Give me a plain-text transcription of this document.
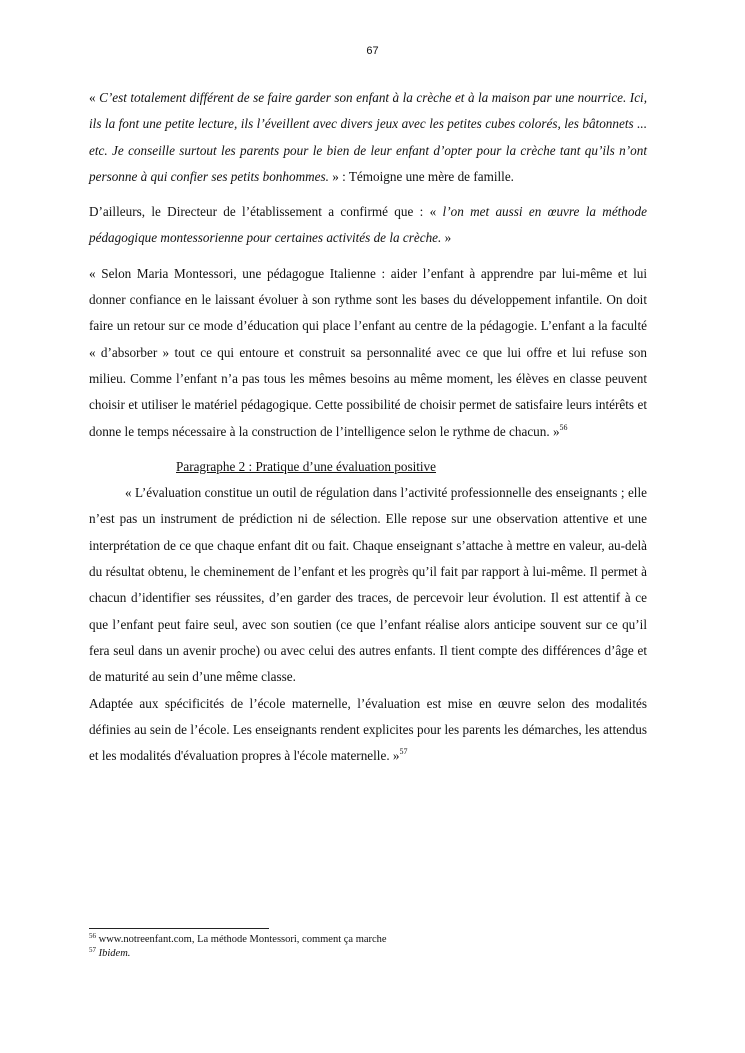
67

« C’est totalement différent de se faire garder son enfant à la crèche et à la maison par une nourrice. Ici, ils la font une petite lecture, ils l’éveillent avec divers jeux avec les petites cubes colorés, les bâtonnets ... etc. Je conseille surtout les parents pour le bien de leur enfant d’opter pour la crèche tant qu’ils n’ont personne à qui confier ses petits bonhommes. » : Témoigne une mère de famille.

D’ailleurs, le Directeur de l’établissement a confirmé que : « l’on met aussi en œuvre la méthode pédagogique montessorienne pour certaines activités de la crèche. »

« Selon Maria Montessori, une pédagogue Italienne : aider l’enfant à apprendre par lui-même et lui donner confiance en le laissant évoluer à son rythme sont les bases du développement infantile. On doit faire un retour sur ce mode d’éducation qui place l’enfant au centre de la pédagogie. L’enfant a la faculté « d’absorber » tout ce qui entoure et construit sa personnalité avec ce que lui offre et lui refuse son milieu. Comme l’enfant n’a pas tous les mêmes besoins au même moment, les élèves en classe peuvent choisir et utiliser le matériel pédagogique. Cette possibilité de choisir permet de satisfaire leurs intérêts et donne le temps nécessaire à la construction de l’intelligence selon le rythme de chacun. »$^{56}$

Paragraphe 2 : Pratique d’une évaluation positive

« L’évaluation constitue un outil de régulation dans l’activité professionnelle des enseignants ; elle n’est pas un instrument de prédiction ni de sélection. Elle repose sur une observation attentive et une interprétation de ce que chaque enfant dit ou fait. Chaque enseignant s’attache à mettre en valeur, au-delà du résultat obtenu, le cheminement de l’enfant et les progrès qu’il fait par rapport à lui-même. Il permet à chacun d’identifier ses réussites, d’en garder des traces, de percevoir leur évolution. Il est attentif à ce que l’enfant peut faire seul, avec son soutien (ce que l’enfant réalise alors anticipe souvent sur ce qu’il fera seul dans un avenir proche) ou avec celui des autres enfants. Il tient compte des différences d’âge et de maturité au sein d’une même classe.

Adaptée aux spécificités de l’école maternelle, l’évaluation est mise en œuvre selon des modalités définies au sein de l’école. Les enseignants rendent explicites pour les parents les démarches, les attendus et les modalités d'évaluation propres à l'école maternelle. »$^{57}$

$^{56}$ www.notreenfant.com, La méthode Montessori, comment ça marche
$^{57}$ Ibidem.
